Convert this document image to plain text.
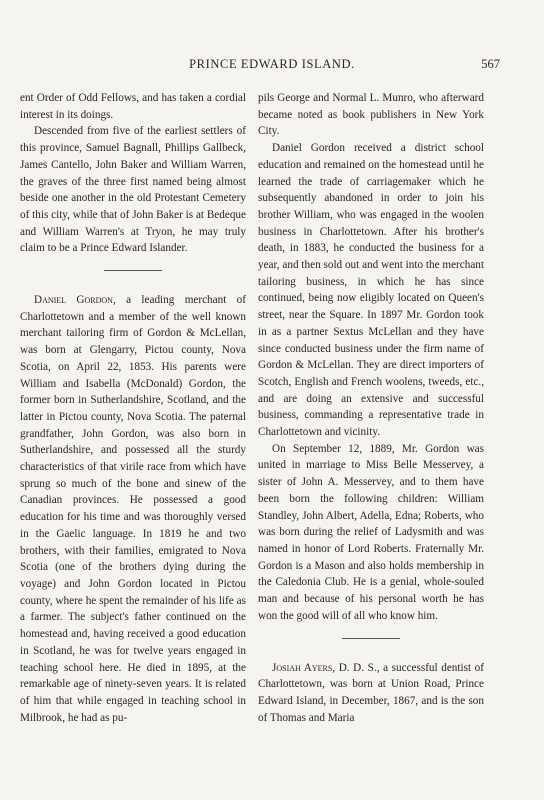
PRINCE EDWARD ISLAND.	567

ent Order of Odd Fellows, and has taken a cordial interest in its doings.

Descended from five of the earliest settlers of this province, Samuel Bagnall, Phillips Gallbeck, James Cantello, John Baker and William Warren, the graves of the three first named being almost beside one another in the old Protestant Cemetery of this city, while that of John Baker is at Bedeque and William Warren's at Tryon, he may truly claim to be a Prince Edward Islander.

Daniel Gordon, a leading merchant of Charlottetown and a member of the well known merchant tailoring firm of Gordon & McLellan, was born at Glengarry, Pictou county, Nova Scotia, on April 22, 1853. His parents were William and Isabella (McDonald) Gordon, the former born in Sutherlandshire, Scotland, and the latter in Pictou county, Nova Scotia. The paternal grandfather, John Gordon, was also born in Sutherlandshire, and possessed all the sturdy characteristics of that virile race from which have sprung so much of the bone and sinew of the Canadian provinces. He possessed a good education for his time and was thoroughly versed in the Gaelic language. In 1819 he and two brothers, with their families, emigrated to Nova Scotia (one of the brothers dying during the voyage) and John Gordon located in Pictou county, where he spent the remainder of his life as a farmer. The subject's father continued on the homestead and, having received a good education in Scotland, he was for twelve years engaged in teaching school here. He died in 1895, at the remarkable age of ninety-seven years. It is related of him that while engaged in teaching school in Milbrook, he had as pu-

pils George and Normal L. Munro, who afterward became noted as book publishers in New York City.

Daniel Gordon received a district school education and remained on the homestead until he learned the trade of carriagemaker which he subsequently abandoned in order to join his brother William, who was engaged in the woolen business in Charlottetown. After his brother's death, in 1883, he conducted the business for a year, and then sold out and went into the merchant tailoring business, in which he has since continued, being now eligibly located on Queen's street, near the Square. In 1897 Mr. Gordon took in as a partner Sextus McLellan and they have since conducted business under the firm name of Gordon & McLellan. They are direct importers of Scotch, English and French woolens, tweeds, etc., and are doing an extensive and successful business, commanding a representative trade in Charlottetown and vicinity.

On September 12, 1889, Mr. Gordon was united in marriage to Miss Belle Messervey, a sister of John A. Messervey, and to them have been born the following children: William Standley, John Albert, Adella, Edna; Roberts, who was born during the relief of Ladysmith and was named in honor of Lord Roberts. Fraternally Mr. Gordon is a Mason and also holds membership in the Caledonia Club. He is a genial, whole-souled man and because of his personal worth he has won the good will of all who know him.

Josiah Ayers, D. D. S., a successful dentist of Charlottetown, was born at Union Road, Prince Edward Island, in December, 1867, and is the son of Thomas and Maria
